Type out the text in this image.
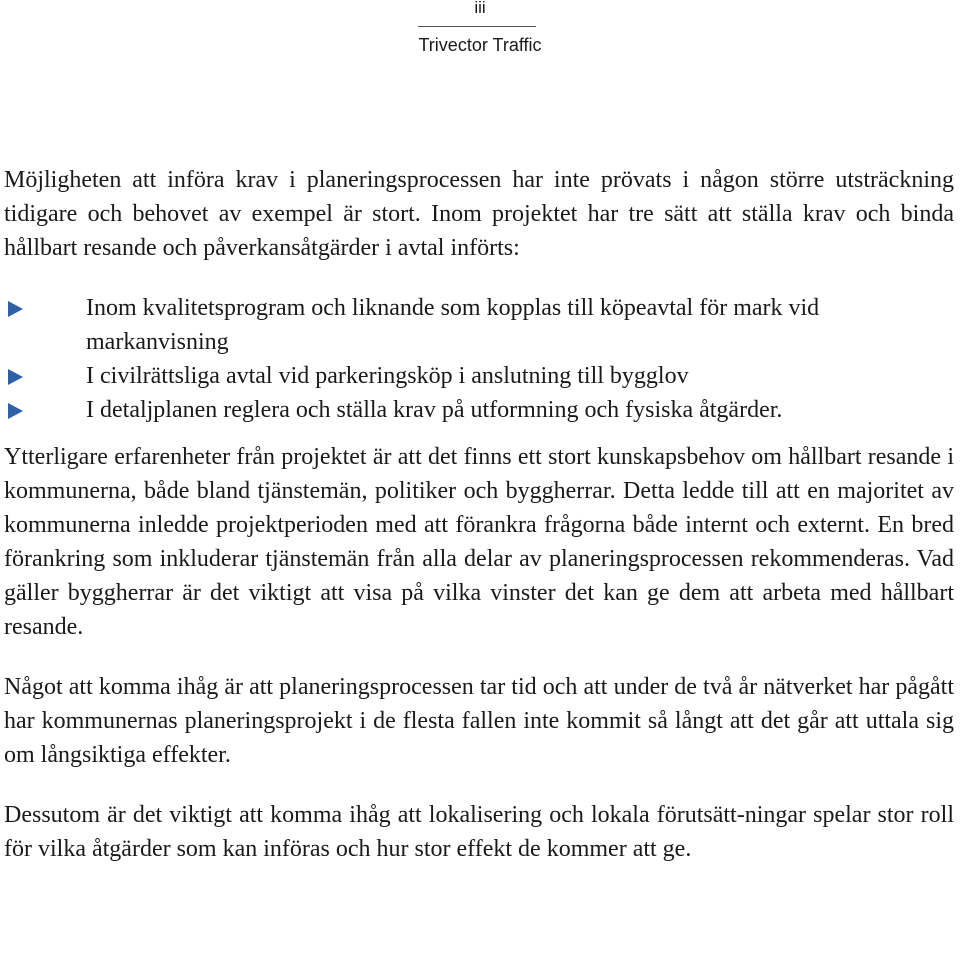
iii
Trivector Traffic

Möjligheten att införa krav i planeringsprocessen har inte prövats i någon större utsträckning tidigare och behovet av exempel är stort. Inom projektet har tre sätt att ställa krav och binda hållbart resande och påverkansåtgärder i avtal införts:

Inom kvalitetsprogram och liknande som kopplas till köpeavtal för mark vid markanvisning
I civilrättsliga avtal vid parkeringsköp i anslutning till bygglov
I detaljplanen reglera och ställa krav på utformning och fysiska åtgärder.

Ytterligare erfarenheter från projektet är att det finns ett stort kunskapsbehov om hållbart resande i kommunerna, både bland tjänstemän, politiker och byggherrar. Detta ledde till att en majoritet av kommunerna inledde projektperioden med att förankra frågorna både internt och externt. En bred förankring som inkluderar tjänstemän från alla delar av planeringsprocessen rekommenderas. Vad gäller byggherrar är det viktigt att visa på vilka vinster det kan ge dem att arbeta med hållbart resande.

Något att komma ihåg är att planeringsprocessen tar tid och att under de två år nätverket har pågått har kommunernas planeringsprojekt i de flesta fallen inte kommit så långt att det går att uttala sig om långsiktiga effekter.

Dessutom är det viktigt att komma ihåg att lokalisering och lokala förutsätt-ningar spelar stor roll för vilka åtgärder som kan införas och hur stor effekt de kommer att ge.
